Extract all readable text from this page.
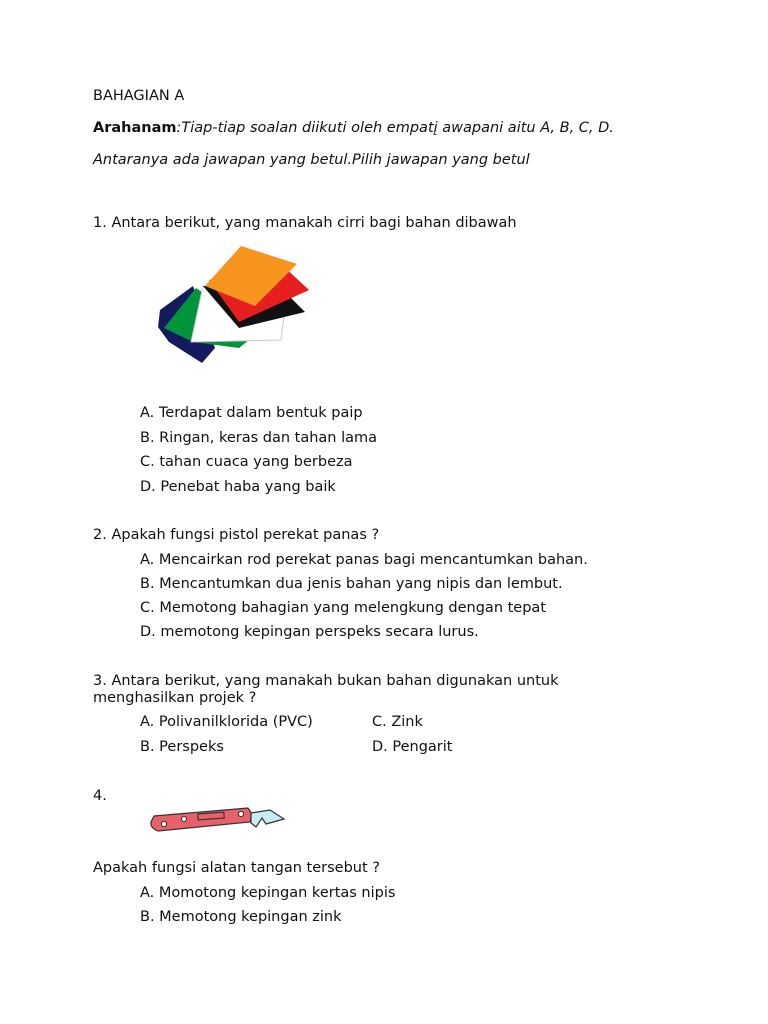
BAHAGIAN A
Arahanam:Tiap-tiap soalan diikuti oleh empatį awapani aitu A, B, C, D.
Antaranya ada jawapan yang betul.Pilih jawapan yang betul
1. Antara berikut, yang manakah cirri bagi bahan dibawah
A. Terdapat dalam bentuk paip
B. Ringan, keras dan tahan lama
C. tahan cuaca yang berbeza
D. Penebat haba yang baik
2. Apakah fungsi pistol perekat panas ?
A. Mencairkan rod perekat panas bagi mencantumkan bahan.
B. Mencantumkan dua jenis bahan yang nipis dan lembut.
C. Memotong bahagian yang melengkung dengan tepat
D. memotong kepingan perspeks secara lurus.
3. Antara berikut, yang manakah bukan bahan digunakan untuk
menghasilkan projek ?
A. Polivanilklorida (PVC)
B. Perspeks
C. Zink
D. Pengarit
4.
Apakah fungsi alatan tangan tersebut ?
A. Momotong kepingan kertas nipis
B. Memotong kepingan zink
